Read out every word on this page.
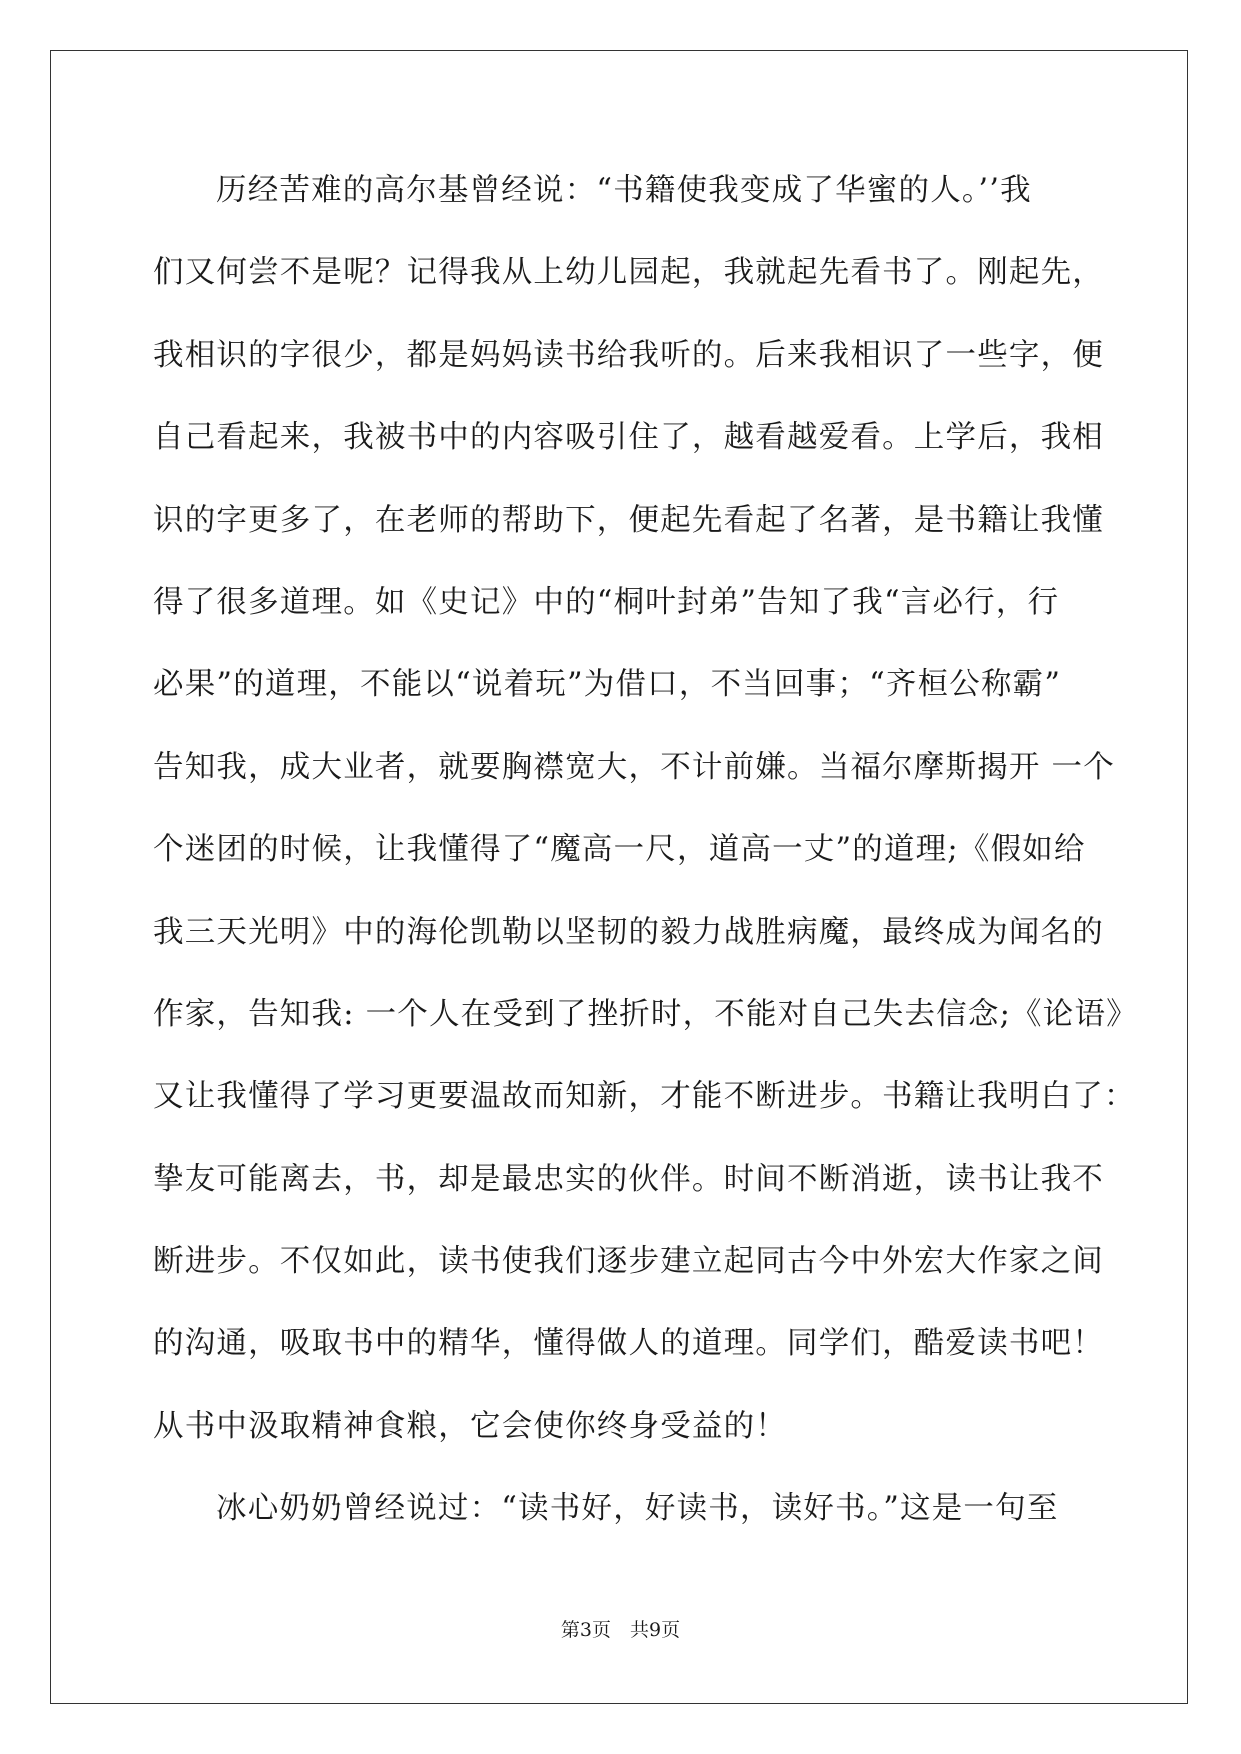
历经苦难的高尔基曾经说：“书籍使我变成了华蜜的人。’’我
们又何尝不是呢？记得我从上幼儿园起，我就起先看书了。刚起先，
我相识的字很少，都是妈妈读书给我听的。后来我相识了一些字，便
自己看起来，我被书中的内容吸引住了，越看越爱看。上学后，我相
识的字更多了，在老师的帮助下，便起先看起了名著，是书籍让我懂
得了很多道理。如《史记》中的“桐叶封弟”告知了我“言必行，行
必果”的道理，不能以“说着玩”为借口，不当回事；“齐桓公称霸”
告知我，成大业者，就要胸襟宽大，不计前嫌。当福尔摩斯揭开 一个
个迷团的时候，让我懂得了“魔高一尺，道高一丈”的道理;《假如给
我三天光明》中的海伦凯勒以坚韧的毅力战胜病魔，最终成为闻名的
作家，告知我: 一个人在受到了挫折时，不能对自己失去信念;《论语》
又让我懂得了学习更要温故而知新，才能不断进步。书籍让我明白了：
挚友可能离去，书，却是最忠实的伙伴。时间不断消逝，读书让我不
断进步。不仅如此，读书使我们逐步建立起同古今中外宏大作家之间
的沟通，吸取书中的精华，懂得做人的道理。同学们，酷爱读书吧！
从书中汲取精神食粮，它会使你终身受益的！
冰心奶奶曾经说过：“读书好，好读书，读好书。”这是一句至
第3页　共9页
